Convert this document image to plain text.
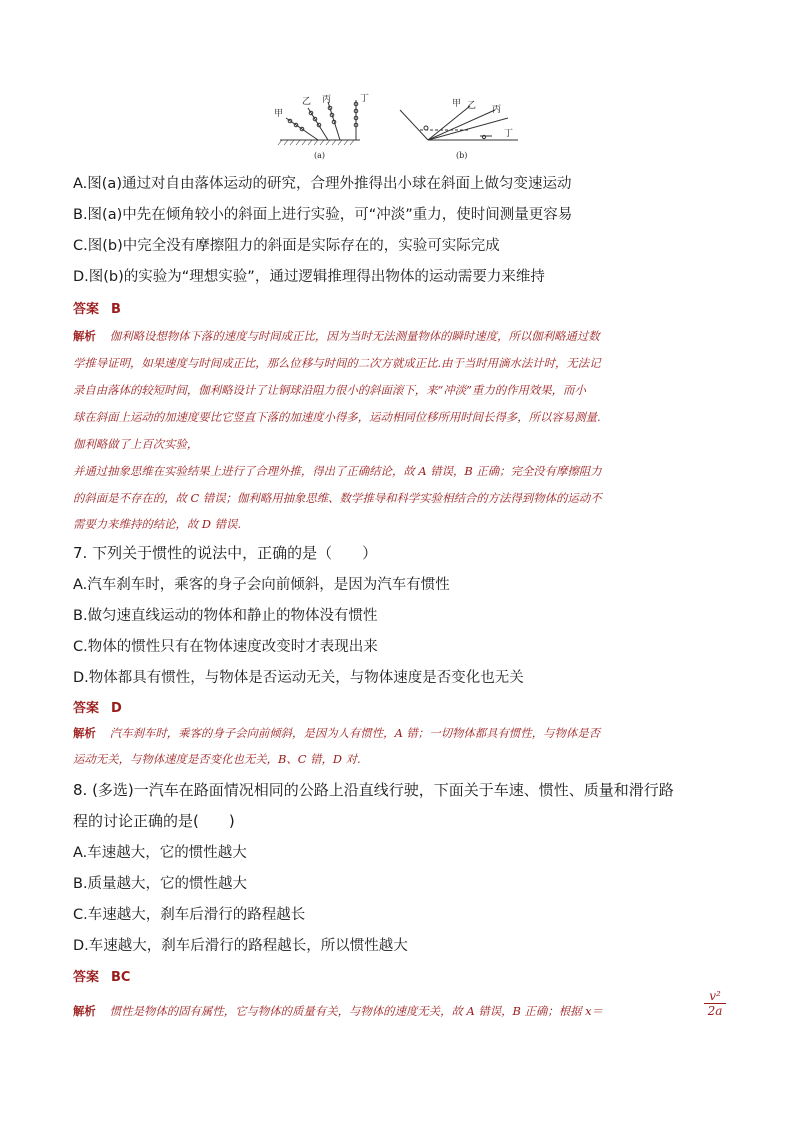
甲
乙 丙	丁
(a)
甲 乙 丙
丁
(b)
A.图(a)通过对自由落体运动的研究，合理外推得出小球在斜面上做匀变速运动
B.图(a)中先在倾角较小的斜面上进行实验，可“冲淡”重力，使时间测量更容易
C.图(b)中完全没有摩擦阻力的斜面是实际存在的，实验可实际完成
D.图(b)的实验为“理想实验”，通过逻辑推理得出物体的运动需要力来维持
答案 B
解析 伽利略设想物体下落的速度与时间成正比，因为当时无法测量物体的瞬时速度，所以伽利略通过数
学推导证明，如果速度与时间成正比，那么位移与时间的二次方就成正比.由于当时用滴水法计时，无法记
录自由落体的较短时间，伽利略设计了让铜球沿阻力很小的斜面滚下，来“冲淡”重力的作用效果，而小
球在斜面上运动的加速度要比它竖直下落的加速度小得多，运动相同位移所用时间长得多，所以容易测量.
伽利略做了上百次实验，
并通过抽象思维在实验结果上进行了合理外推，得出了正确结论，故 A 错误，B 正确；完全没有摩擦阻力
的斜面是不存在的，故 C 错误；伽利略用抽象思维、数学推导和科学实验相结合的方法得到物体的运动不
需要力来维持的结论，故 D 错误.
7. 下列关于惯性的说法中，正确的是（　　）
A.汽车刹车时，乘客的身子会向前倾斜，是因为汽车有惯性
B.做匀速直线运动的物体和静止的物体没有惯性
C.物体的惯性只有在物体速度改变时才表现出来
D.物体都具有惯性，与物体是否运动无关，与物体速度是否变化也无关
答案 D
解析 汽车刹车时，乘客的身子会向前倾斜，是因为人有惯性，A 错；一切物体都具有惯性，与物体是否
运动无关，与物体速度是否变化也无关，B、C 错，D 对.
8. (多选)一汽车在路面情况相同的公路上沿直线行驶，下面关于车速、惯性、质量和滑行路
程的讨论正确的是(　　)
A.车速越大，它的惯性越大
B.质量越大，它的惯性越大
C.车速越大，刹车后滑行的路程越长
D.车速越大，刹车后滑行的路程越长，所以惯性越大
答案 BC
解析 惯性是物体的固有属性，它与物体的质量有关，与物体的速度无关，故 A 错误，B 正确；根据 x＝	$\frac{\text{v²}}{2a}$
